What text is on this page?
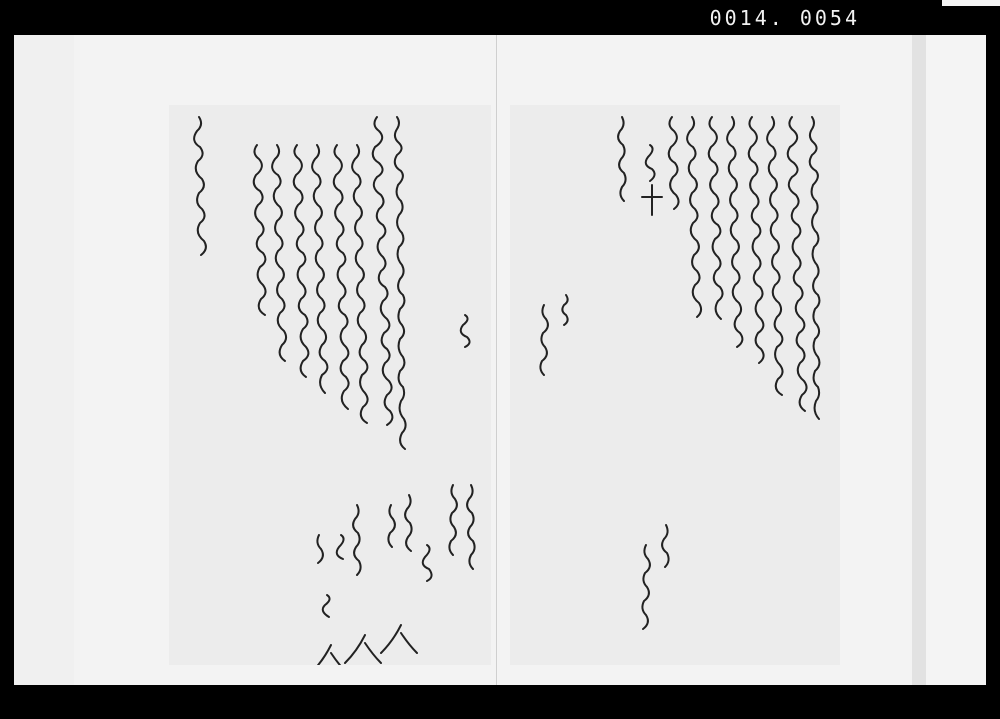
0014. 0054
